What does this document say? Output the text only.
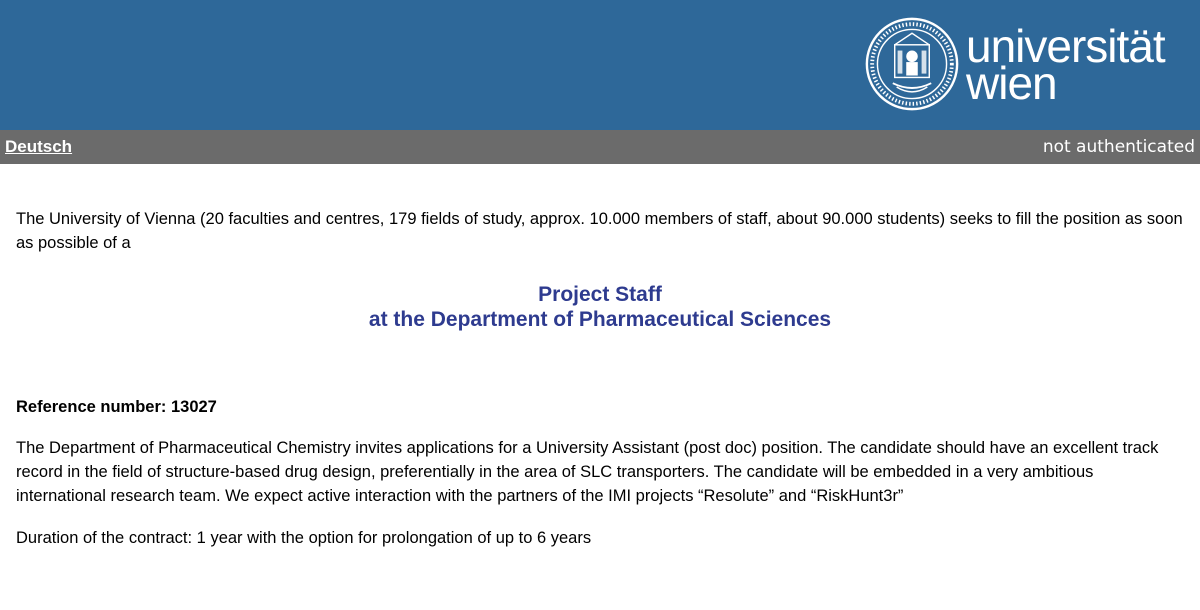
universität
wien
Deutsch	not authenticated

The University of Vienna (20 faculties and centres, 179 fields of study, approx. 10.000 members of staff, about 90.000 students) seeks to fill the position as soon as possible of a

Project Staff
at the Department of Pharmaceutical Sciences

Reference number: 13027

The Department of Pharmaceutical Chemistry invites applications for a University Assistant (post doc) position. The candidate should have an excellent track record in the field of structure-based drug design, preferentially in the area of SLC transporters. The candidate will be embedded in a very ambitious international research team. We expect active interaction with the partners of the IMI projects “Resolute” and “RiskHunt3r”

Duration of the contract: 1 year with the option for prolongation of up to 6 years
